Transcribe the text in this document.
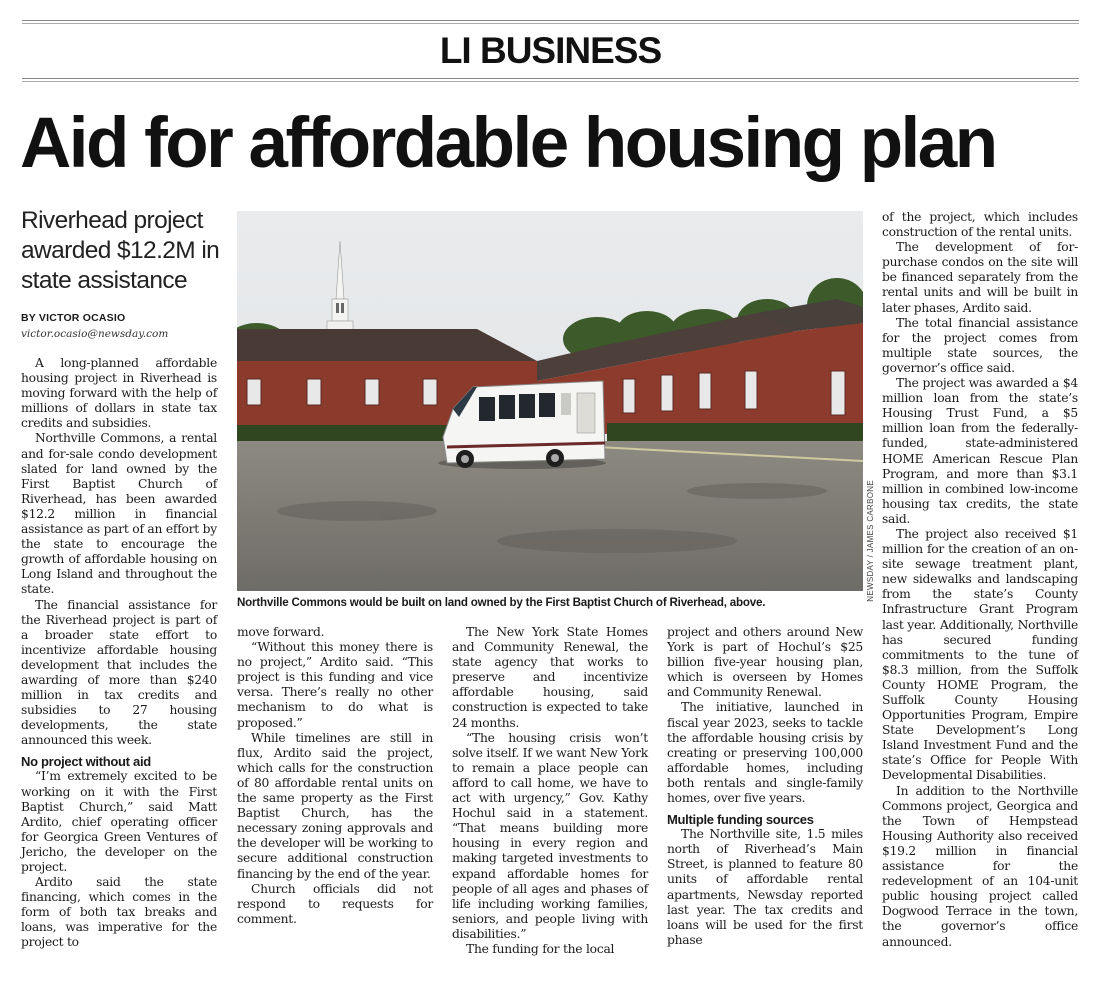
LI BUSINESS
Aid for affordable housing plan
Riverhead project awarded $12.2M in state assistance
BY VICTOR OCASIO
victor.ocasio@newsday.com

A long-planned affordable housing project in Riverhead is moving forward with the help of millions of dollars in state tax credits and subsidies.

Northville Commons, a rental and for-sale condo development slated for land owned by the First Baptist Church of Riverhead, has been awarded $12.2 million in financial assistance as part of an effort by the state to encourage the growth of affordable housing on Long Island and throughout the state.

The financial assistance for the Riverhead project is part of a broader state effort to incentivize affordable housing development that includes the awarding of more than $240 million in tax credits and subsidies to 27 housing developments, the state announced this week.

No project without aid

“I’m extremely excited to be working on it with the First Baptist Church,” said Matt Ardito, chief operating officer for Georgica Green Ventures of Jericho, the developer on the project.

Ardito said the state financing, which comes in the form of both tax breaks and loans, was imperative for the project to

NEWSDAY / JAMES CARBONE
Northville Commons would be built on land owned by the First Baptist Church of Riverhead, above.

move forward.

“Without this money there is no project,” Ardito said. “This project is this funding and vice versa. There’s really no other mechanism to do what is proposed.”

While timelines are still in flux, Ardito said the project, which calls for the construction of 80 affordable rental units on the same property as the First Baptist Church, has the necessary zoning approvals and the developer will be working to secure additional construction financing by the end of the year.

Church officials did not respond to requests for comment.

The New York State Homes and Community Renewal, the state agency that works to preserve and incentivize affordable housing, said construction is expected to take 24 months.

“The housing crisis won’t solve itself. If we want New York to remain a place people can afford to call home, we have to act with urgency,” Gov. Kathy Hochul said in a statement. “That means building more housing in every region and making targeted investments to expand affordable homes for people of all ages and phases of life including working families, seniors, and people living with disabilities.”

The funding for the local

project and others around New York is part of Hochul’s $25 billion five-year housing plan, which is overseen by Homes and Community Renewal.

The initiative, launched in fiscal year 2023, seeks to tackle the affordable housing crisis by creating or preserving 100,000 affordable homes, including both rentals and single-family homes, over five years.

Multiple funding sources

The Northville site, 1.5 miles north of Riverhead’s Main Street, is planned to feature 80 units of affordable rental apartments, Newsday reported last year. The tax credits and loans will be used for the first phase

of the project, which includes construction of the rental units.

The development of for-purchase condos on the site will be financed separately from the rental units and will be built in later phases, Ardito said.

The total financial assistance for the project comes from multiple state sources, the governor’s office said.

The project was awarded a $4 million loan from the state’s Housing Trust Fund, a $5 million loan from the federally-funded, state-administered HOME American Rescue Plan Program, and more than $3.1 million in combined low-income housing tax credits, the state said.

The project also received $1 million for the creation of an on-site sewage treatment plant, new sidewalks and landscaping from the state’s County Infrastructure Grant Program last year. Additionally, Northville has secured funding commitments to the tune of $8.3 million, from the Suffolk County HOME Program, the Suffolk County Housing Opportunities Program, Empire State Development’s Long Island Investment Fund and the state’s Office for People With Developmental Disabilities.

In addition to the Northville Commons project, Georgica and the Town of Hempstead Housing Authority also received $19.2 million in financial assistance for the redevelopment of an 104-unit public housing project called Dogwood Terrace in the town, the governor’s office announced.
